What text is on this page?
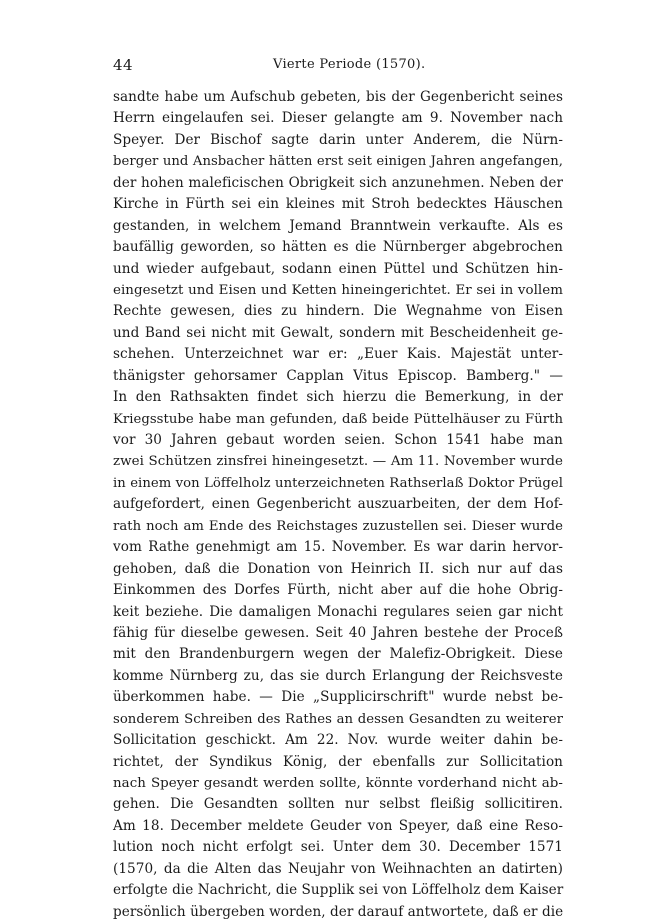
44	Vierte Periode (1570).
sandte habe um Aufschub gebeten, bis der Gegenbericht seines
Herrn eingelaufen sei. Dieser gelangte am 9. November nach
Speyer. Der Bischof sagte darin unter Anderem, die Nürn-
berger und Ansbacher hätten erst seit einigen Jahren angefangen,
der hohen maleficischen Obrigkeit sich anzunehmen. Neben der
Kirche in Fürth sei ein kleines mit Stroh bedecktes Häuschen
gestanden, in welchem Jemand Branntwein verkaufte. Als es
baufällig geworden, so hätten es die Nürnberger abgebrochen
und wieder aufgebaut, sodann einen Püttel und Schützen hin-
eingesetzt und Eisen und Ketten hineingerichtet. Er sei in vollem
Rechte gewesen, dies zu hindern. Die Wegnahme von Eisen
und Band sei nicht mit Gewalt, sondern mit Bescheidenheit ge-
schehen. Unterzeichnet war er: „Euer Kais. Majestät unter-
thänigster gehorsamer Capplan Vitus Episcop. Bamberg." —
In den Rathsakten findet sich hierzu die Bemerkung, in der
Kriegsstube habe man gefunden, daß beide Püttelhäuser zu Fürth
vor 30 Jahren gebaut worden seien. Schon 1541 habe man
zwei Schützen zinsfrei hineingesetzt. — Am 11. November wurde
in einem von Löffelholz unterzeichneten Rathserlaß Doktor Prügel
aufgefordert, einen Gegenbericht auszuarbeiten, der dem Hof-
rath noch am Ende des Reichstages zuzustellen sei. Dieser wurde
vom Rathe genehmigt am 15. November. Es war darin hervor-
gehoben, daß die Donation von Heinrich II. sich nur auf das
Einkommen des Dorfes Fürth, nicht aber auf die hohe Obrig-
keit beziehe. Die damaligen Monachi regulares seien gar nicht
fähig für dieselbe gewesen. Seit 40 Jahren bestehe der Proceß
mit den Brandenburgern wegen der Malefiz-Obrigkeit. Diese
komme Nürnberg zu, das sie durch Erlangung der Reichsveste
überkommen habe. — Die „Supplicirschrift" wurde nebst be-
sonderem Schreiben des Rathes an dessen Gesandten zu weiterer
Sollicitation geschickt. Am 22. Nov. wurde weiter dahin be-
richtet, der Syndikus König, der ebenfalls zur Sollicitation
nach Speyer gesandt werden sollte, könnte vorderhand nicht ab-
gehen. Die Gesandten sollten nur selbst fleißig sollicitiren.
Am 18. December meldete Geuder von Speyer, daß eine Reso-
lution noch nicht erfolgt sei. Unter dem 30. December 1571
(1570, da die Alten das Neujahr von Weihnachten an datirten)
erfolgte die Nachricht, die Supplik sei von Löffelholz dem Kaiser
persönlich übergeben worden, der darauf antwortete, daß er die
